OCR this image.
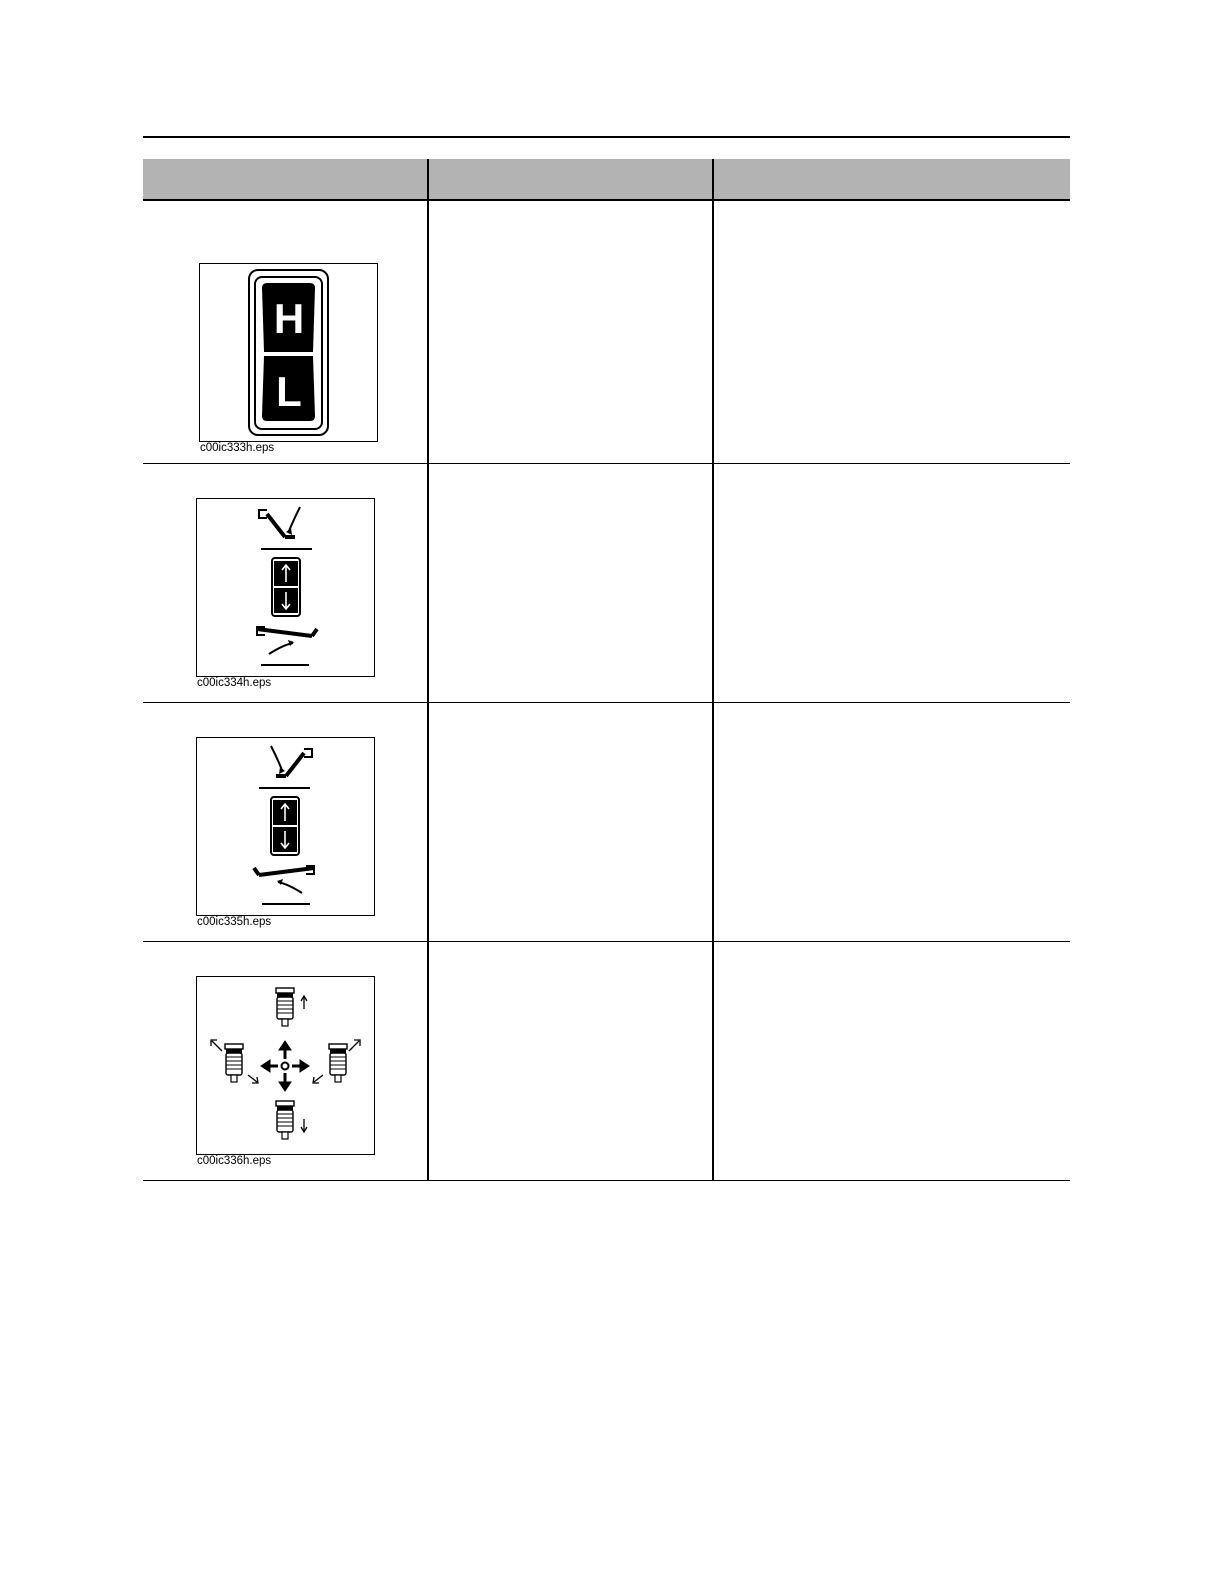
H
L
c00ic333h.eps		

c00ic334h.eps		

c00ic335h.eps		

c00ic336h.eps		
